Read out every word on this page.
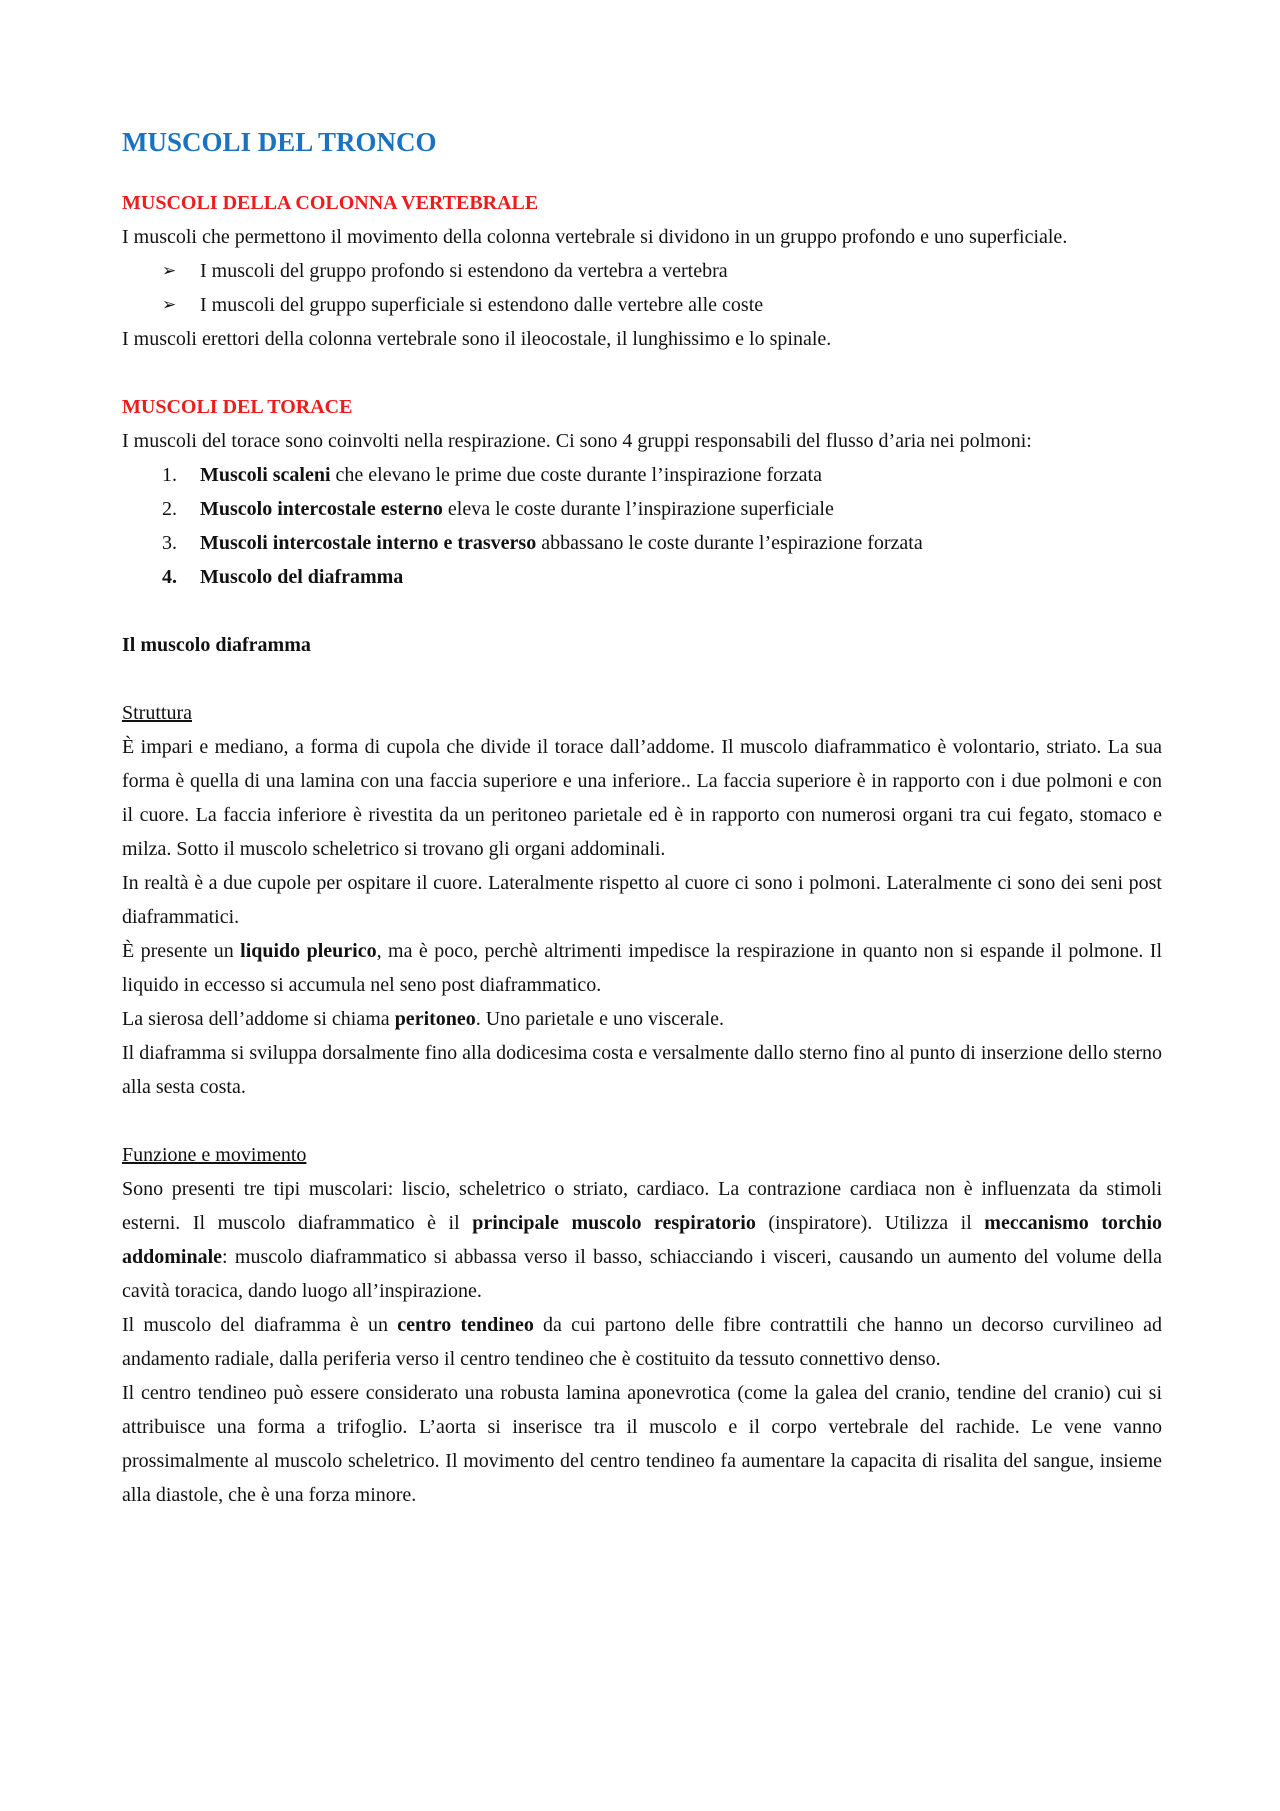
MUSCOLI DEL TRONCO
MUSCOLI DELLA COLONNA VERTEBRALE

I muscoli che permettono il movimento della colonna vertebrale si dividono in un gruppo profondo e uno superficiale.

➢ I muscoli del gruppo profondo si estendono da vertebra a vertebra
➢ I muscoli del gruppo superficiale si estendono dalle vertebre alle coste

I muscoli erettori della colonna vertebrale sono il ileocostale, il lunghissimo e lo spinale.

MUSCOLI DEL TORACE

I muscoli del torace sono coinvolti nella respirazione. Ci sono 4 gruppi responsabili del flusso d’aria nei polmoni:

1. Muscoli scaleni che elevano le prime due coste durante l’inspirazione forzata
2. Muscolo intercostale esterno eleva le coste durante l’inspirazione superficiale
3. Muscoli intercostale interno e trasverso abbassano le coste durante l’espirazione forzata
4. Muscolo del diaframma
Il muscolo diaframma
Struttura

È impari e mediano, a forma di cupola che divide il torace dall’addome. Il muscolo diaframmatico è volontario, striato. La sua forma è quella di una lamina con una faccia superiore e una inferiore.. La faccia superiore è in rapporto con i due polmoni e con il cuore. La faccia inferiore è rivestita da un peritoneo parietale ed è in rapporto con numerosi organi tra cui fegato, stomaco e milza. Sotto il muscolo scheletrico si trovano gli organi addominali.

In realtà è a due cupole per ospitare il cuore. Lateralmente rispetto al cuore ci sono i polmoni. Lateralmente ci sono dei seni post diaframmatici.

È presente un liquido pleurico, ma è poco, perchè altrimenti impedisce la respirazione in quanto non si espande il polmone. Il liquido in eccesso si accumula nel seno post diaframmatico.

La sierosa dell’addome si chiama peritoneo. Uno parietale e uno viscerale.

Il diaframma si sviluppa dorsalmente fino alla dodicesima costa e versalmente dallo sterno fino al punto di inserzione dello sterno alla sesta costa.

Funzione e movimento

Sono presenti tre tipi muscolari: liscio, scheletrico o striato, cardiaco. La contrazione cardiaca non è influenzata da stimoli esterni. Il muscolo diaframmatico è il principale muscolo respiratorio (inspiratore). Utilizza il meccanismo torchio addominale: muscolo diaframmatico si abbassa verso il basso, schiacciando i visceri, causando un aumento del volume della cavità toracica, dando luogo all’inspirazione.

Il muscolo del diaframma è un centro tendineo da cui partono delle fibre contrattili che hanno un decorso curvilineo ad andamento radiale, dalla periferia verso il centro tendineo che è costituito da tessuto connettivo denso.

Il centro tendineo può essere considerato una robusta lamina aponevrotica (come la galea del cranio, tendine del cranio) cui si attribuisce una forma a trifoglio. L’aorta si inserisce tra il muscolo e il corpo vertebrale del rachide. Le vene vanno prossimalmente al muscolo scheletrico. Il movimento del centro tendineo fa aumentare la capacita di risalita del sangue, insieme alla diastole, che è una forza minore.
